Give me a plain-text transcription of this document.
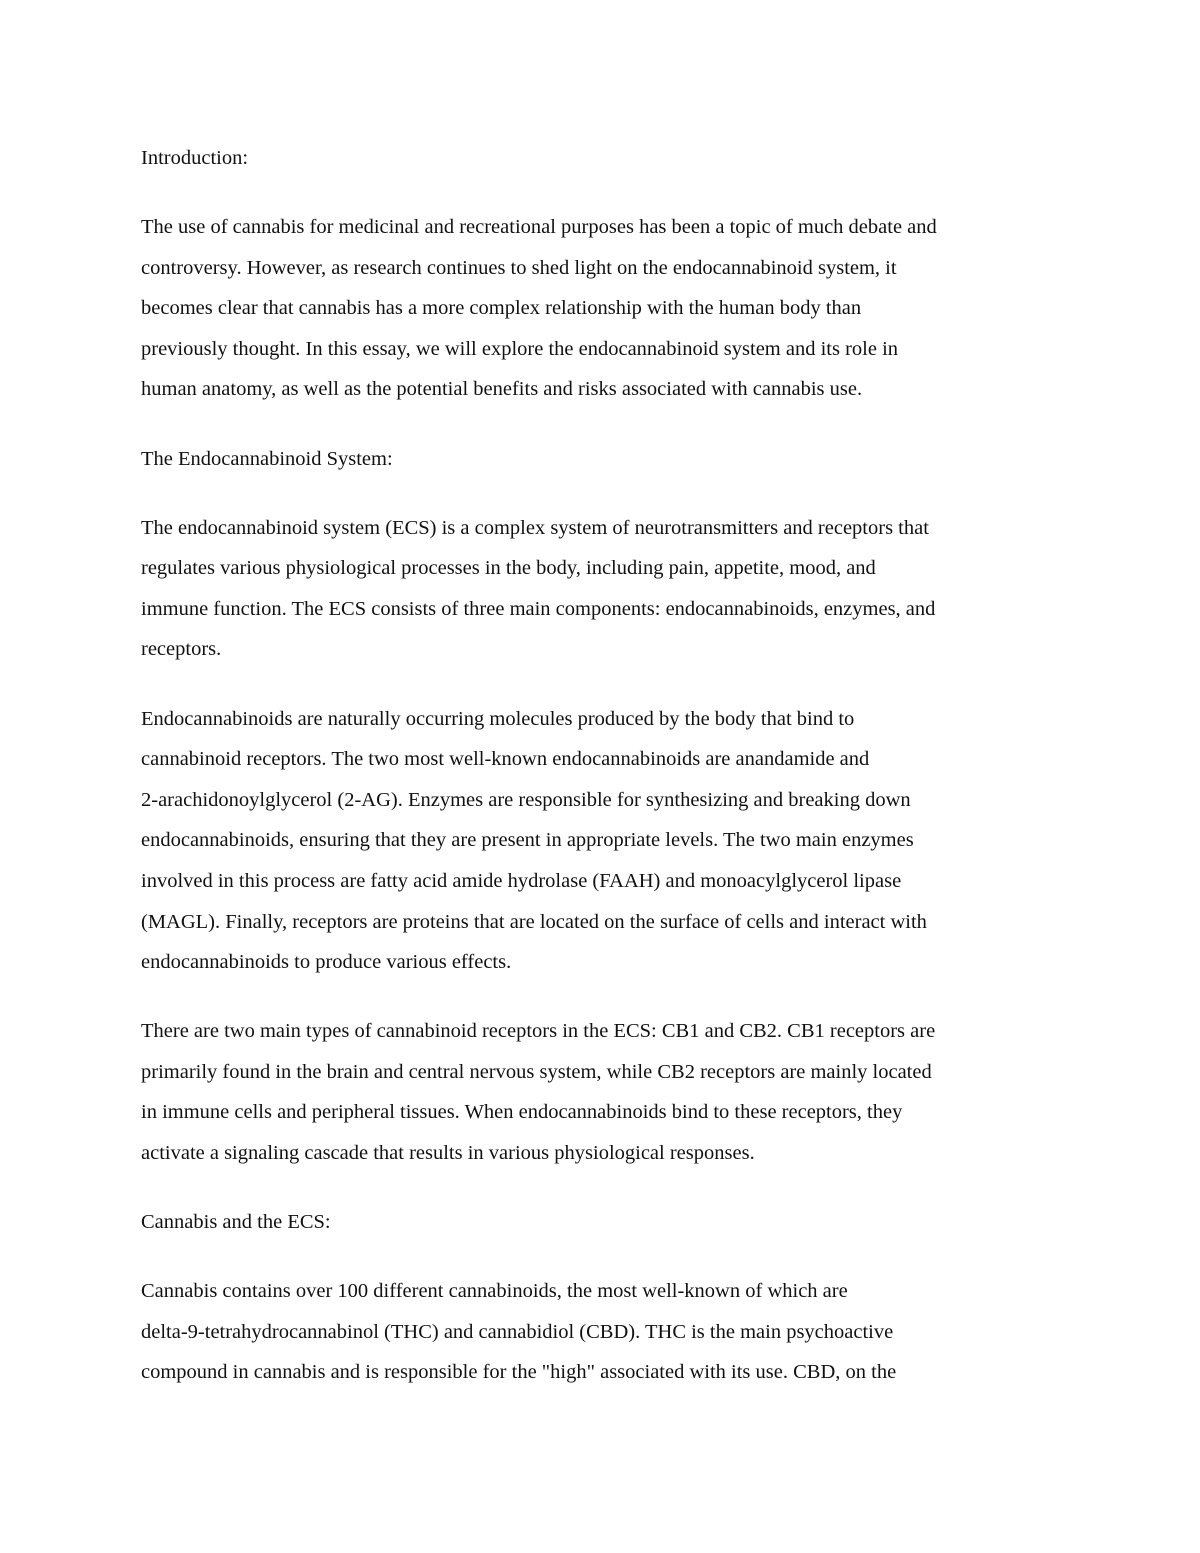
Introduction:

The use of cannabis for medicinal and recreational purposes has been a topic of much debate and
controversy. However, as research continues to shed light on the endocannabinoid system, it
becomes clear that cannabis has a more complex relationship with the human body than
previously thought. In this essay, we will explore the endocannabinoid system and its role in
human anatomy, as well as the potential benefits and risks associated with cannabis use.

The Endocannabinoid System:

The endocannabinoid system (ECS) is a complex system of neurotransmitters and receptors that
regulates various physiological processes in the body, including pain, appetite, mood, and
immune function. The ECS consists of three main components: endocannabinoids, enzymes, and
receptors.

Endocannabinoids are naturally occurring molecules produced by the body that bind to
cannabinoid receptors. The two most well-known endocannabinoids are anandamide and
2-arachidonoylglycerol (2-AG). Enzymes are responsible for synthesizing and breaking down
endocannabinoids, ensuring that they are present in appropriate levels. The two main enzymes
involved in this process are fatty acid amide hydrolase (FAAH) and monoacylglycerol lipase
(MAGL). Finally, receptors are proteins that are located on the surface of cells and interact with
endocannabinoids to produce various effects.

There are two main types of cannabinoid receptors in the ECS: CB1 and CB2. CB1 receptors are
primarily found in the brain and central nervous system, while CB2 receptors are mainly located
in immune cells and peripheral tissues. When endocannabinoids bind to these receptors, they
activate a signaling cascade that results in various physiological responses.

Cannabis and the ECS:

Cannabis contains over 100 different cannabinoids, the most well-known of which are
delta-9-tetrahydrocannabinol (THC) and cannabidiol (CBD). THC is the main psychoactive
compound in cannabis and is responsible for the "high" associated with its use. CBD, on the
